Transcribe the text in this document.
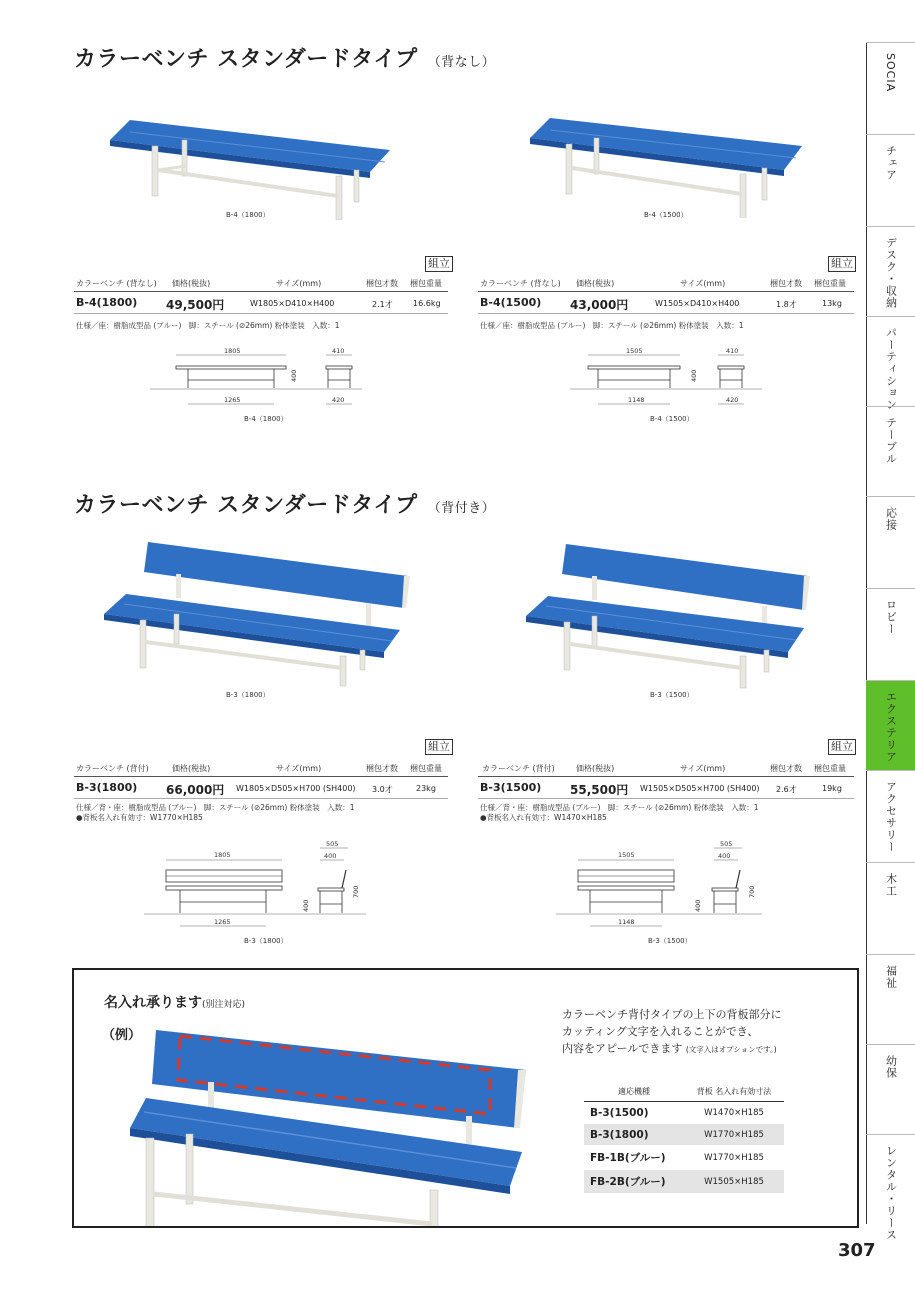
カラーベンチ スタンダードタイプ （背なし）
B-4（1800）	B-4（1500）
組立
カラーベンチ (背なし) 価格(税抜)	サイズ(mm)	梱包才数 梱包重量
B-4(1800) 49,500円	W1805×D410×H400	2.1才	16.6kg
仕様／座：樹脂成型品 (ブルー)　脚：スチール (⊘26mm) 粉体塗装　入数：1
組立
カラーベンチ (背なし) 価格(税抜)	サイズ(mm)	梱包才数 梱包重量
B-4(1500) 43,000円	W1505×D410×H400	1.8才	13kg
仕様／座：樹脂成型品 (ブルー)　脚：スチール (⊘26mm) 粉体塗装　入数：1
1805
1265
400
410
420
B-4（1800）
1505
1148
400
410
420
B-4（1500）
カラーベンチ スタンダードタイプ （背付き）
B-3（1800）	B-3（1500）
組立
カラーベンチ (背付)	価格(税抜)	サイズ(mm)	梱包才数 梱包重量
B-3(1800) 66,000円 W1805×D505×H700 (SH400) 3.0才	23kg
仕様／背・座：樹脂成型品 (ブルー)　脚：スチール (⊘26mm) 粉体塗装　入数：1
●背板名入れ有効寸：W1770×H185
組立
カラーベンチ (背付)	価格(税抜)	サイズ(mm)	梱包才数 梱包重量
B-3(1500) 55,500円 W1505×D505×H700 (SH400) 2.6才	19kg
仕様／背・座：樹脂成型品 (ブルー)　脚：スチール (⊘26mm) 粉体塗装　入数：1
●背板名入れ有効寸：W1470×H185
1805
1265
400
700
505
400
B-3（1800）
1505
1148
400
700
505
400
B-3（1500）
名入れ承ります(別注対応)
（例）
カラーベンチ背付タイプの上下の背板部分に
カッティング文字を入れることができ、
内容をアピールできます (文字入はオプションです。)
適応機種	背板 名入れ有効寸法
B-3(1500)	W1470×H185
B-3(1800)	W1770×H185
FB-1B(ブルー)	W1770×H185
FB-2B(ブルー)	W1505×H185
SOCIA
チェア
デスク・収納
パーティション
テーブル
応接
ロビー
エクステリア
アクセサリー
木工
福祉
幼保
レンタル・リース
307
